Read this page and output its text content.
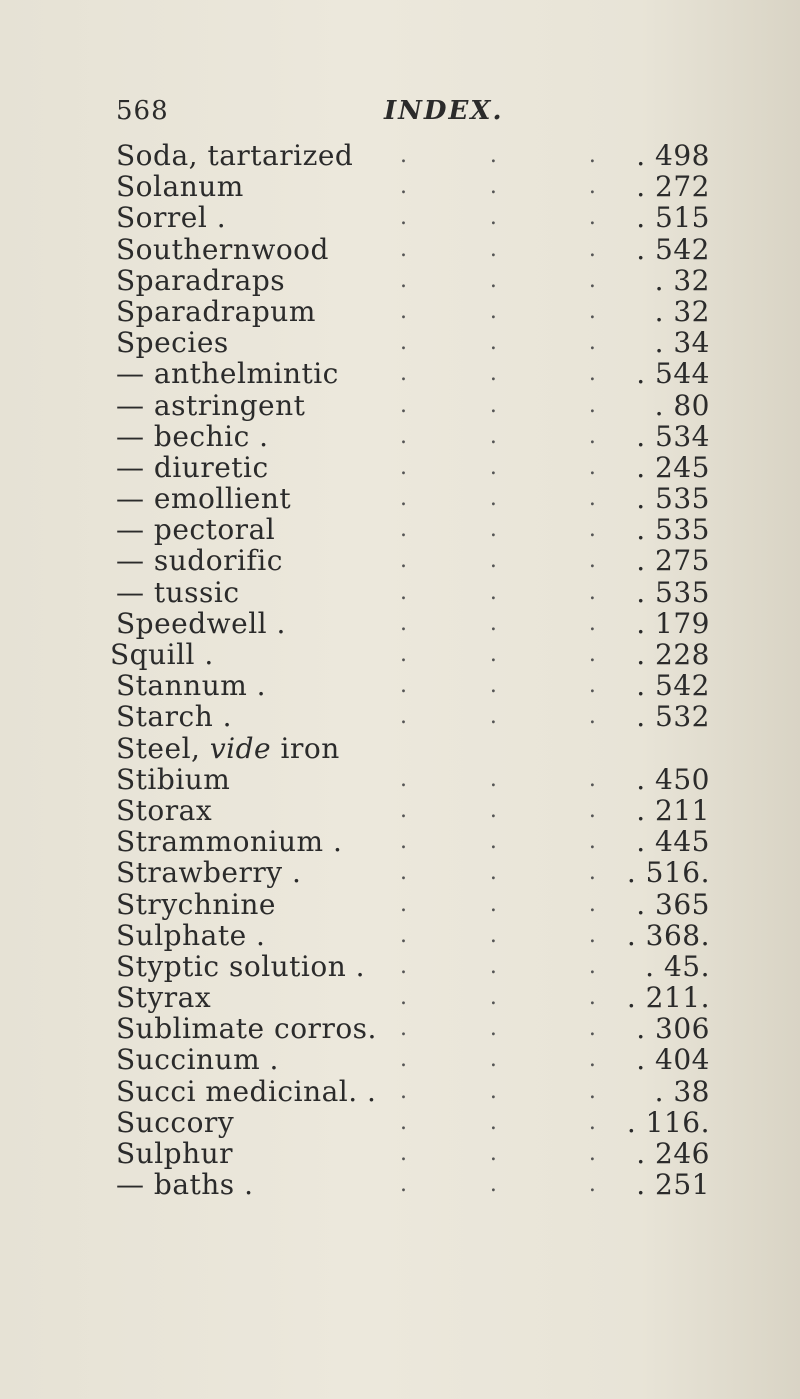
568	INDEX.
Soda, tartarized .         .          . . 498
Solanum	.         .          . . 272
Sorrel .	.         .          . . 515
Southernwood	.         .          . . 542
Sparadraps	.         .          . . 32
Sparadrapum	.         .          . . 32
Species	.         .          . . 34
— anthelmintic	.         .          . . 544
— astringent	.         .          . . 80
— bechic .	.         .          . . 534
— diuretic	.         .          . . 245
— emollient	.         .          . . 535
— pectoral	.         .          . . 535
— sudorific	.         .          . . 275
— tussic	.         .          . . 535
Speedwell .	.         .          . . 179
Squill .	.         .          . . 228
Stannum .	.         .          . . 542
Starch .	.         .          . . 532
Steel, vide iron
Stibium	.         .          . . 450
Storax	.         .          . . 211
Strammonium .	.         .          . . 445
Strawberry .	.         .          . . 516.
Strychnine	.         .          . . 365
Sulphate .	.         .          . . 368.
Styptic solution . .         .          . . 45.
Styrax	.         .          . . 211.
Sublimate corros. .         .          . . 306
Succinum .	.         .          . . 404
Succi medicinal. . .         .          . . 38
Succory	.         .          . . 116.
Sulphur	.         .          . . 246
— baths .	.         .          . . 251
